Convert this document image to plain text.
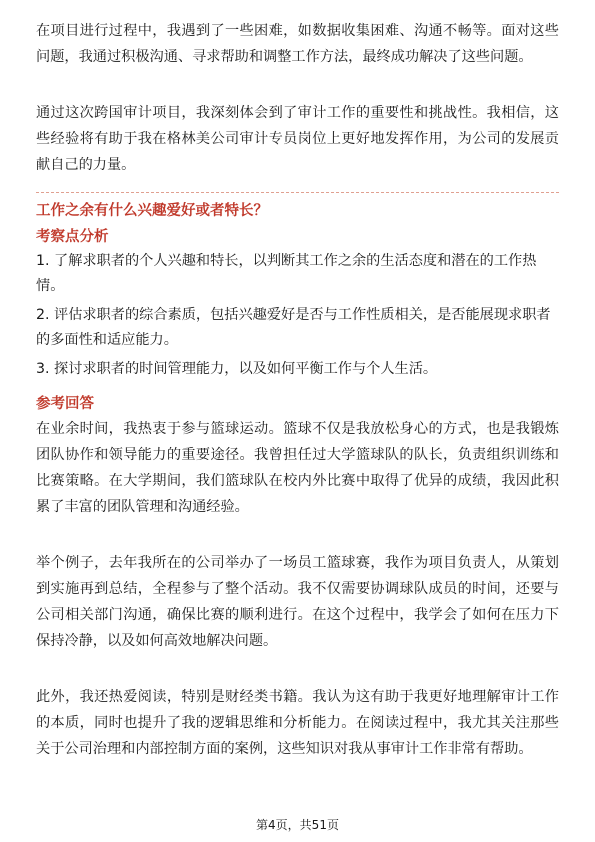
在项目进行过程中，我遇到了一些困难，如数据收集困难、沟通不畅等。面对这些问题，我通过积极沟通、寻求帮助和调整工作方法，最终成功解决了这些问题。

通过这次跨国审计项目，我深刻体会到了审计工作的重要性和挑战性。我相信，这些经验将有助于我在格林美公司审计专员岗位上更好地发挥作用，为公司的发展贡献自己的力量。

工作之余有什么兴趣爱好或者特长？

考察点分析

1. 了解求职者的个人兴趣和特长，以判断其工作之余的生活态度和潜在的工作热情。

2. 评估求职者的综合素质，包括兴趣爱好是否与工作性质相关，是否能展现求职者的多面性和适应能力。

3. 探讨求职者的时间管理能力，以及如何平衡工作与个人生活。

参考回答

在业余时间，我热衷于参与篮球运动。篮球不仅是我放松身心的方式，也是我锻炼团队协作和领导能力的重要途径。我曾担任过大学篮球队的队长，负责组织训练和比赛策略。在大学期间，我们篮球队在校内外比赛中取得了优异的成绩，我因此积累了丰富的团队管理和沟通经验。

举个例子，去年我所在的公司举办了一场员工篮球赛，我作为项目负责人，从策划到实施再到总结，全程参与了整个活动。我不仅需要协调球队成员的时间，还要与公司相关部门沟通，确保比赛的顺利进行。在这个过程中，我学会了如何在压力下保持冷静，以及如何高效地解决问题。

此外，我还热爱阅读，特别是财经类书籍。我认为这有助于我更好地理解审计工作的本质，同时也提升了我的逻辑思维和分析能力。在阅读过程中，我尤其关注那些关于公司治理和内部控制方面的案例，这些知识对我从事审计工作非常有帮助。

第4页，共51页
